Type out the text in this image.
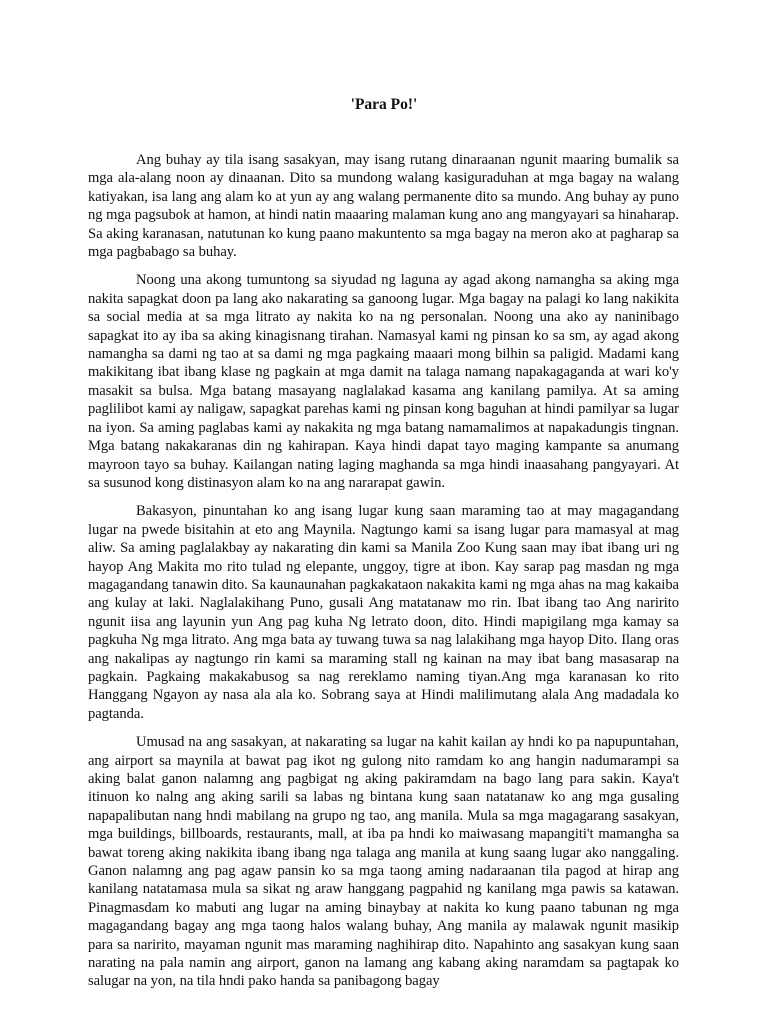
'Para Po!'

Ang buhay ay tila isang sasakyan, may isang rutang dinaraanan ngunit maaring bumalik sa mga ala-alang noon ay dinaanan. Dito sa mundong walang kasiguraduhan at mga bagay na walang katiyakan, isa lang ang alam ko at yun ay ang walang permanente dito sa mundo. Ang buhay ay puno ng mga pagsubok at hamon, at hindi natin maaaring malaman kung ano ang mangyayari sa hinaharap. Sa aking karanasan, natutunan ko kung paano makuntento sa mga bagay na meron ako at pagharap sa mga pagbabago sa buhay.

Noong una akong tumuntong sa siyudad ng laguna ay agad akong namangha sa aking mga nakita sapagkat doon pa lang ako nakarating sa ganoong lugar. Mga bagay na palagi ko lang nakikita sa social media at sa mga litrato ay nakita ko na ng personalan. Noong una ako ay naninibago sapagkat ito ay iba sa aking kinagisnang tirahan. Namasyal kami ng pinsan ko sa sm, ay agad akong namangha sa dami ng tao at sa dami ng mga pagkaing maaari mong bilhin sa paligid. Madami kang makikitang ibat ibang klase ng pagkain at mga damit na talaga namang napakagaganda at wari ko'y masakit sa bulsa. Mga batang masayang naglalakad kasama ang kanilang pamilya. At sa aming paglilibot kami ay naligaw, sapagkat parehas kami ng pinsan kong baguhan at hindi pamilyar sa lugar na iyon. Sa aming paglabas kami ay nakakita ng mga batang namamalimos at napakadungis tingnan. Mga batang nakakaranas din ng kahirapan. Kaya hindi dapat tayo maging kampante sa anumang mayroon tayo sa buhay. Kailangan nating laging maghanda sa mga hindi inaasahang pangyayari. At sa susunod kong distinasyon alam ko na ang nararapat gawin.

Bakasyon, pinuntahan ko ang isang lugar kung saan maraming tao at may magagandang lugar na pwede bisitahin at eto ang Maynila. Nagtungo kami sa isang lugar para mamasyal at mag aliw. Sa aming paglalakbay ay nakarating din kami sa Manila Zoo Kung saan may ibat ibang uri ng hayop Ang Makita mo rito tulad ng elepante, unggoy, tigre at ibon. Kay sarap pag masdan ng mga magagandang tanawin dito. Sa kaunaunahan pagkakataon nakakita kami ng mga ahas na mag kakaiba ang kulay at laki. Naglalakihang Puno, gusali Ang matatanaw mo rin. Ibat ibang tao Ang naririto ngunit iisa ang layunin yun Ang pag kuha Ng letrato doon, dito. Hindi mapigilang mga kamay sa pagkuha Ng mga litrato. Ang mga bata ay tuwang tuwa sa nag lalakihang mga hayop Dito. Ilang oras ang nakalipas ay nagtungo rin kami sa maraming stall ng kainan na may ibat bang masasarap na pagkain. Pagkaing makakabusog sa nag rereklamo naming tiyan.Ang mga karanasan ko rito Hanggang Ngayon ay nasa ala ala ko. Sobrang saya at Hindi malilimutang alala Ang madadala ko pagtanda.

Umusad na ang sasakyan, at nakarating sa lugar na kahit kailan ay hndi ko pa napupuntahan, ang airport sa maynila at bawat pag ikot ng gulong nito ramdam ko ang hangin nadumarampi sa aking balat ganon nalamng ang pagbigat ng aking pakiramdam na bago lang para sakin. Kaya't itinuon ko nalng ang aking sarili sa labas ng bintana kung saan natatanaw ko ang mga gusaling napapalibutan nang hndi mabilang na grupo ng tao, ang manila. Mula sa mga magagarang sasakyan, mga buildings, billboards, restaurants, mall, at iba pa hndi ko maiwasang mapangiti't mamangha sa bawat toreng aking nakikita ibang ibang nga talaga ang manila at kung saang lugar ako nanggaling. Ganon nalamng ang pag agaw pansin ko sa mga taong aming nadaraanan tila pagod at hirap ang kanilang natatamasa mula sa sikat ng araw hanggang pagpahid ng kanilang mga pawis sa katawan. Pinagmasdam ko mabuti ang lugar na aming binaybay at nakita ko kung paano tabunan ng mga magagandang bagay ang mga taong halos walang buhay, Ang manila ay malawak ngunit masikip para sa naririto, mayaman ngunit mas maraming naghihirap dito. Napahinto ang sasakyan kung saan narating na pala namin ang airport, ganon na lamang ang kabang aking naramdam sa pagtapak ko salugar na yon, na tila hndi pako handa sa panibagong bagay
